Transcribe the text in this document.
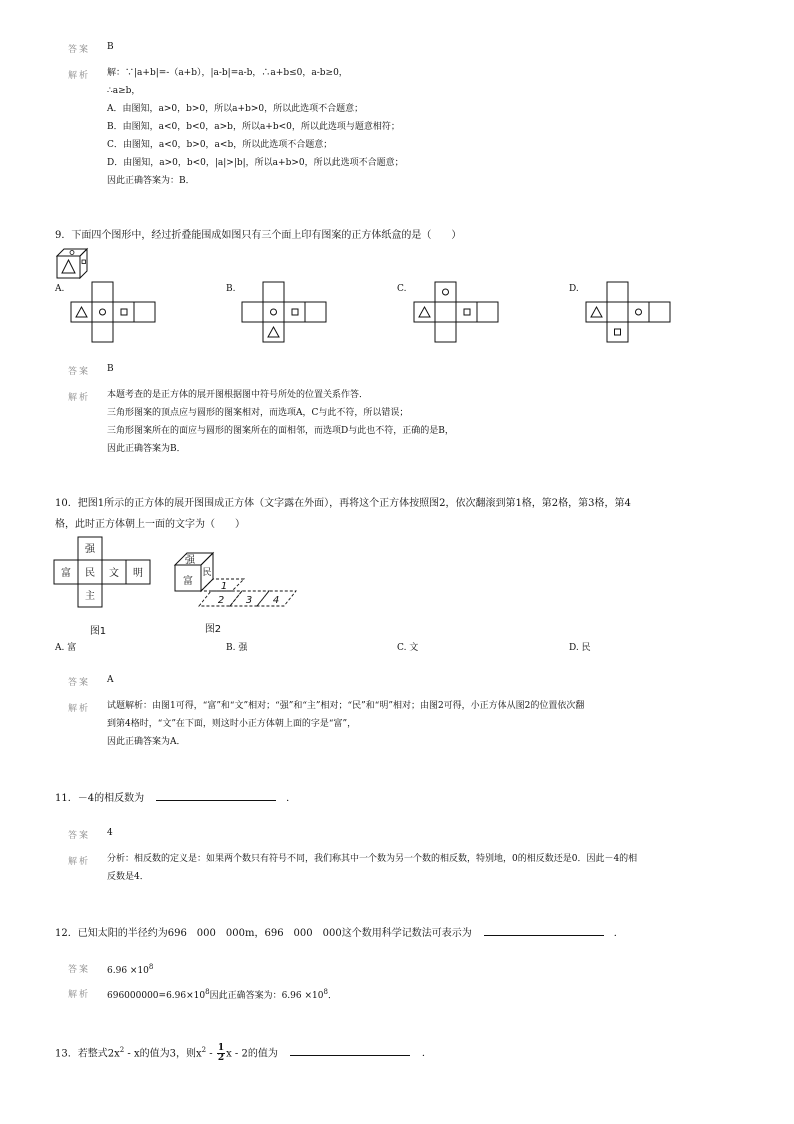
答案 B
解析 解：∵|a+b|=-（a+b），|a-b|=a-b，∴a+b≤0，a-b≥0，
∴a≥b，
A．由图知，a>0，b>0，所以a+b>0，所以此选项不合题意；
B．由图知，a<0，b<0，a>b，所以a+b<0，所以此选项与题意相符；
C．由图知，a<0，b>0，a<b，所以此选项不合题意；
D．由图知，a>0，b<0，|a|>|b|，所以a+b>0，所以此选项不合题意；
因此正确答案为：B．
9．下面四个图形中，经过折叠能围成如图只有三个面上印有图案的正方体纸盒的是（　　）
A.	B.	C.	D.
答案 B
解析 本题考查的是正方体的展开图根据图中符号所处的位置关系作答．
三角形图案的顶点应与圆形的图案相对，而选项A，C与此不符，所以错误；
三角形图案所在的面应与圆形的图案所在的面相邻，而选项D与此也不符，正确的是B，
因此正确答案为B．
10．把图1所示的正方体的展开图围成正方体（文字露在外面），再将这个正方体按照图2，依次翻滚到第1格，第2格，第3格，第4
格，此时正方体朝上一面的文字为（　　）
强
富 民 文 明
主
图1
强
富
民
1
2 3 4
图2
A. 富	B. 强	C. 文	D. 民
答案 A
解析 试题解析：由图1可得，“富”和“文”相对；“强”和“主”相对；“民”和“明”相对；由图2可得，小正方体从图2的位置依次翻
到第4格时，“文”在下面，则这时小正方体朝上面的字是“富”，
因此正确答案为A．
11．－4的相反数为	．
答案 4
解析 分析：相反数的定义是：如果两个数只有符号不同，我们称其中一个数为另一个数的相反数，特别地，0的相反数还是0．因此－4的相
反数是4．
12．已知太阳的半径约为696　000　000m，696　000　000这个数用科学记数法可表示为	．
答案 $6.96 \times 10^8$
解析 $696000000=6.96\times 10^8$因此正确答案为：$6.96 \times 10^8$．
13．若整式$2x^2$ - x的值为3，则$x^2 - \frac{1}{2}$ x - 2的值为	．
